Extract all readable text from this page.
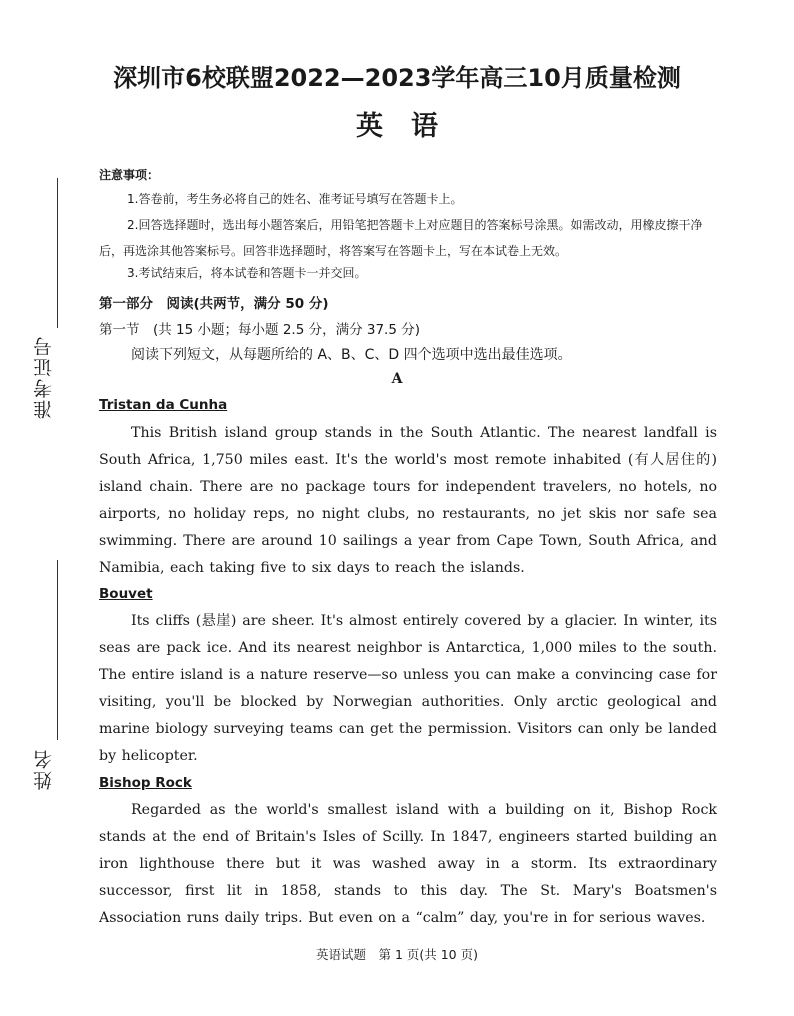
深圳市6校联盟2022—2023学年高三10月质量检测
英语
准考证号
姓名
注意事项：
1.答卷前，考生务必将自己的姓名、准考证号填写在答题卡上。
2.回答选择题时，选出每小题答案后，用铅笔把答题卡上对应题目的答案标号涂黑。如需改动，用橡皮擦干净后，再选涂其他答案标号。回答非选择题时，将答案写在答题卡上，写在本试卷上无效。
3.考试结束后，将本试卷和答题卡一并交回。
第一部分　阅读(共两节，满分 50 分)
第一节　(共 15 小题；每小题 2.5 分，满分 37.5 分)
阅读下列短文，从每题所给的 A、B、C、D 四个选项中选出最佳选项。
A
Tristan da Cunha
This British island group stands in the South Atlantic. The nearest landfall is South Africa, 1,750 miles east. It's the world's most remote inhabited (有人居住的) island chain. There are no package tours for independent travelers, no hotels, no airports, no holiday reps, no night clubs, no restaurants, no jet skis nor safe sea swimming. There are around 10 sailings a year from Cape Town, South Africa, and Namibia, each taking five to six days to reach the islands.
Bouvet
Its cliffs (悬崖) are sheer. It's almost entirely covered by a glacier. In winter, its seas are pack ice. And its nearest neighbor is Antarctica, 1,000 miles to the south. The entire island is a nature reserve—so unless you can make a convincing case for visiting, you'll be blocked by Norwegian authorities. Only arctic geological and marine biology surveying teams can get the permission. Visitors can only be landed by helicopter.
Bishop Rock
Regarded as the world's smallest island with a building on it, Bishop Rock stands at the end of Britain's Isles of Scilly. In 1847, engineers started building an iron lighthouse there but it was washed away in a storm. Its extraordinary successor, first lit in 1858, stands to this day. The St. Mary's Boatsmen's Association runs daily trips. But even on a “calm” day, you're in for serious waves.
英语试题　第 1 页(共 10 页)
